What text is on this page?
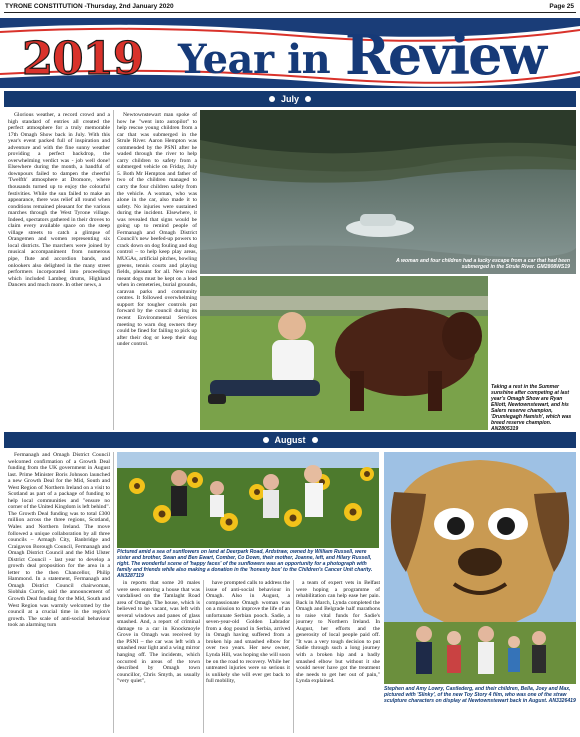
TYRONE CONSTITUTION -Thursday, 2nd January 2020	Page 25
2019 Year in Review
July

Glorious weather, a record crowd and a high standard of entries all created the perfect atmosphere for a truly memorable 17th Omagh Show back in July. With this year's event packed full of inspiration and adventure and with the fine sunny weather providing a perfect backdrop, the overwhelming verdict was - job well done! Elsewhere during the month, a handful of downpours failed to dampen the cheerful 'Twelfth' atmosphere at Dromore, where thousands turned up to enjoy the colourful festivities. While the sun failed to make an appearance, there was relief all round when conditions remained pleasant for the various marches through the West Tyrone village. Indeed, spectators gathered in their droves to claim every available space on the steep village streets to catch a glimpse of Orangemen and women representing six local districts. The marchers were joined by musical accompaniment from numerous pipe, flute and accordion bands, and onlookers also delighted in the many street performers incorporated into proceedings which included Lambeg drums, Highland Dancers and much more. In other news, a

Newtownstewart man spoke of how he "went into autopilot" to help rescue young children from a car that was submerged in the Strule River. Aaron Hempton was commended by the PSNI after he waded through the river to help carry children to safety from a submerged vehicle on Friday, July 5. Both Mr Hempton and father of two of the children managed to carry the four children safely from the vehicle. A woman, who was alone in the car, also made it to safety. No injuries were sustained during the incident. Elsewhere, it was revealed that signs would be going up to remind people of Fermanagh and Omagh District Council's new beefed-up powers to crack down on dog fouling and dog control – to help keep play areas, MUGAs, artificial pitches, bowling greens, tennis courts and playing fields, pleasant for all. New rules meant dogs must be kept on a lead when in cemeteries, burial grounds, caravan parks and community centres. It followed overwhelming support for tougher controls put forward by the council during its recent Environmental Services meeting to warn dog owners they could be fined for failing to pick up after their dog or keep their dog under control.

A woman and four children had a lucky escape from a car that had been submerged in the Strule River. GM2808WS19
Taking a rest in the Summer sunshine after competing at last year's Omagh Show are Ryan Elliott, Newtownstewart, and his Salers reserve champion, 'Drumlegagh Hamish', which was breed reserve champion. AN2805319
August

Fermanagh and Omagh District Council welcomed confirmation of a Growth Deal funding from the UK government in August last. Prime Minister Boris Johnson launched a new Growth Deal for the Mid, South and West Region of Northern Ireland on a visit to Scotland as part of a package of funding to help local communities and "ensure no corner of the United Kingdom is left behind". The Growth Deal funding was to total £300 million across the three regions, Scotland, Wales and Northern Ireland. The move followed a unique collaboration by all three councils – Armagh City, Banbridge and Craigavon Borough Council, Fermanagh and Omagh District Council and the Mid Ulster District Council - last year to develop a growth deal proposition for the area in a letter to the then Chancellor, Philip Hammond. In a statement, Fermanagh and Omagh District Council chairwoman, Siobhán Currie, said the announcement of Growth Deal funding for the Mid, South and West Region was warmly welcomed by the council at a crucial time in the region's growth. The scale of anti-social behaviour took an alarming turn

Pictured amid a sea of sunflowers on land at Deerpark Road, Ardstraw, owned by William Russell, were sister and brother, Swan and Ben Ewart, Comber, Co Down, their mother, Joanne, left, and Hilary Russell, right. The wonderful scene of 'happy faces' of the sunflowers was an opportunity for a photograph with family and friends while also making a donation in the 'honesty box' to the Children's Cancer Unit charity. AN3287119

in reports that some 20 males were seen entering a house that was vandalised on the Tamlaght Road area of Omagh. The house, which is believed to be vacant, was left with several windows and panes of glass smashed. And, a report of criminal damage to a car in Knockmoyle Grove in Omagh was received by the PSNI – the car was left with a smashed rear light and a wing mirror hanging off. The incidents, which occurred in areas of the town described by Omagh town councillor, Chris Smyth, as usually "very quiet",

have prompted calls to address the issue of anti-social behaviour in Omagh. Also in August, a compassionate Omagh woman was on a mission to improve the life of an unfortunate Serbian pooch. Sadie, a seven-year-old Golden Labrador from a dog pound in Serbia, arrived in Omagh having suffered from a broken hip and smashed elbow for over two years. Her new owner, Lynda Hill, was hoping she will soon be on the road to recovery. While her untreated injuries were so serious it is unlikely she will ever get back to full mobility,

a team of expert vets in Belfast were hoping a programme of rehabilitation can help ease her pain. Back in March, Lynda completed the Omagh and Belgrade half marathons to raise vital funds for Sadie's journey to Northern Ireland. In August, her efforts and the generosity of local people paid off. "It was a very tough decision to put Sadie through such a long journey with a broken hip and a badly smashed elbow but without it she would never have got the treatment she needs to get her out of pain," Lynda explained.

Stephen and Amy Lowry, Castlederg, and their children, Bella, Joey and Max, pictured with 'Slinky', of the new Toy Story 4 film, who was one of the straw sculpture characters on display at Newtownstewart back in August. AN3326419
